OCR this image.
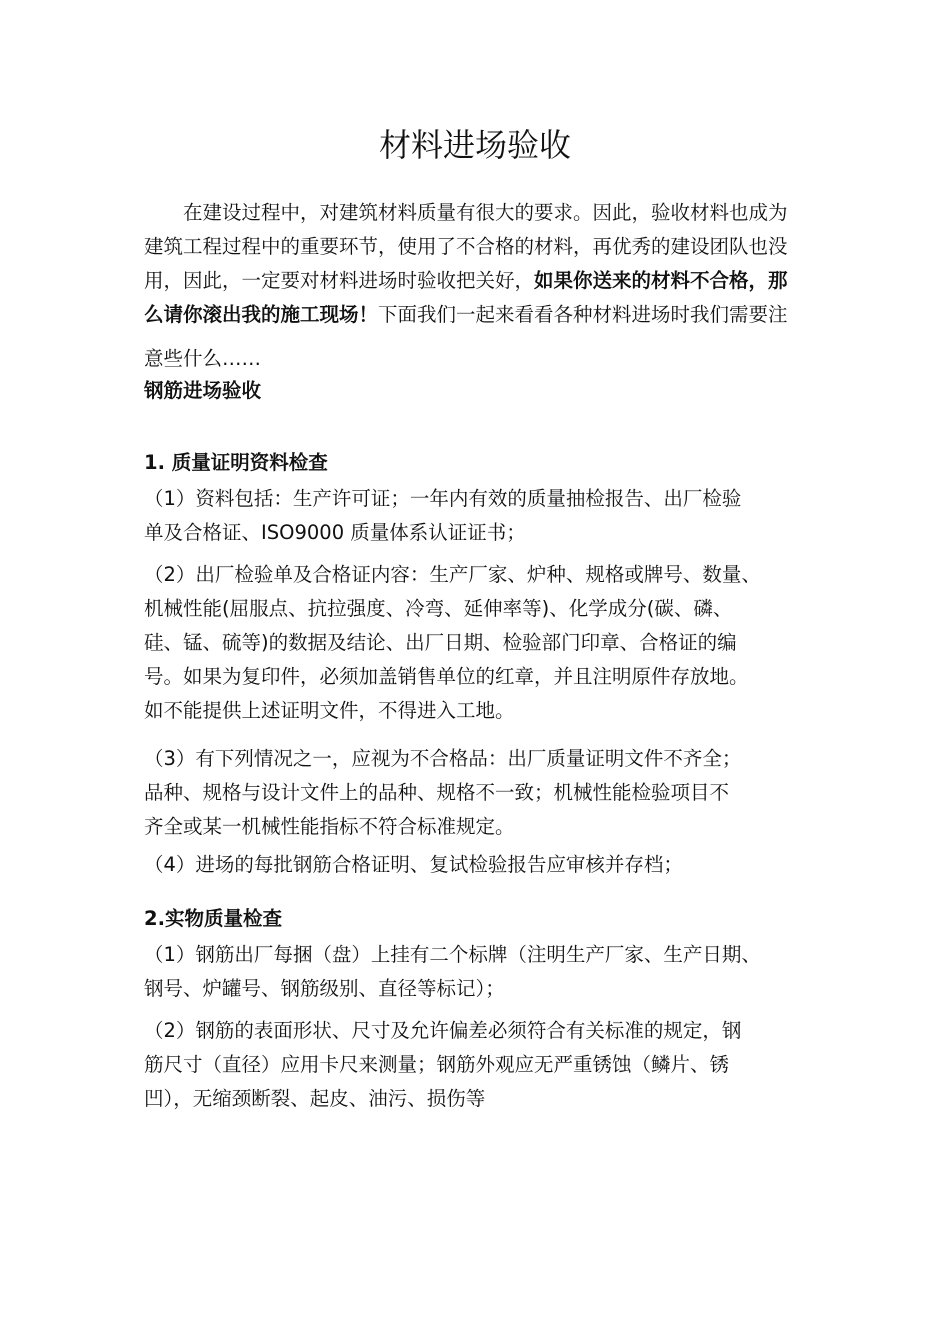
材料进场验收

在建设过程中，对建筑材料质量有很大的要求。因此，验收材料也成为
建筑工程过程中的重要环节，使用了不合格的材料，再优秀的建设团队也没
用，因此，一定要对材料进场时验收把关好，如果你送来的材料不合格，那
么请你滚出我的施工现场！下面我们一起来看看各种材料进场时我们需要注

意些什么……

钢筋进场验收

1. 质量证明资料检查

（1）资料包括：生产许可证；一年内有效的质量抽检报告、出厂检验
单及合格证、ISO9000 质量体系认证证书；

（2）出厂检验单及合格证内容：生产厂家、炉种、规格或牌号、数量、
机械性能(屈服点、抗拉强度、冷弯、延伸率等)、化学成分(碳、磷、
硅、锰、硫等)的数据及结论、出厂日期、检验部门印章、合格证的编
号。如果为复印件，必须加盖销售单位的红章，并且注明原件存放地。
如不能提供上述证明文件，不得进入工地。

（3）有下列情况之一，应视为不合格品：出厂质量证明文件不齐全；
品种、规格与设计文件上的品种、规格不一致；机械性能检验项目不
齐全或某一机械性能指标不符合标准规定。

（4）进场的每批钢筋合格证明、复试检验报告应审核并存档；

2.实物质量检查

（1）钢筋出厂每捆（盘）上挂有二个标牌（注明生产厂家、生产日期、
钢号、炉罐号、钢筋级别、直径等标记）；

（2）钢筋的表面形状、尺寸及允许偏差必须符合有关标准的规定，钢
筋尺寸（直径）应用卡尺来测量；钢筋外观应无严重锈蚀（鳞片、锈
凹），无缩颈断裂、起皮、油污、损伤等
